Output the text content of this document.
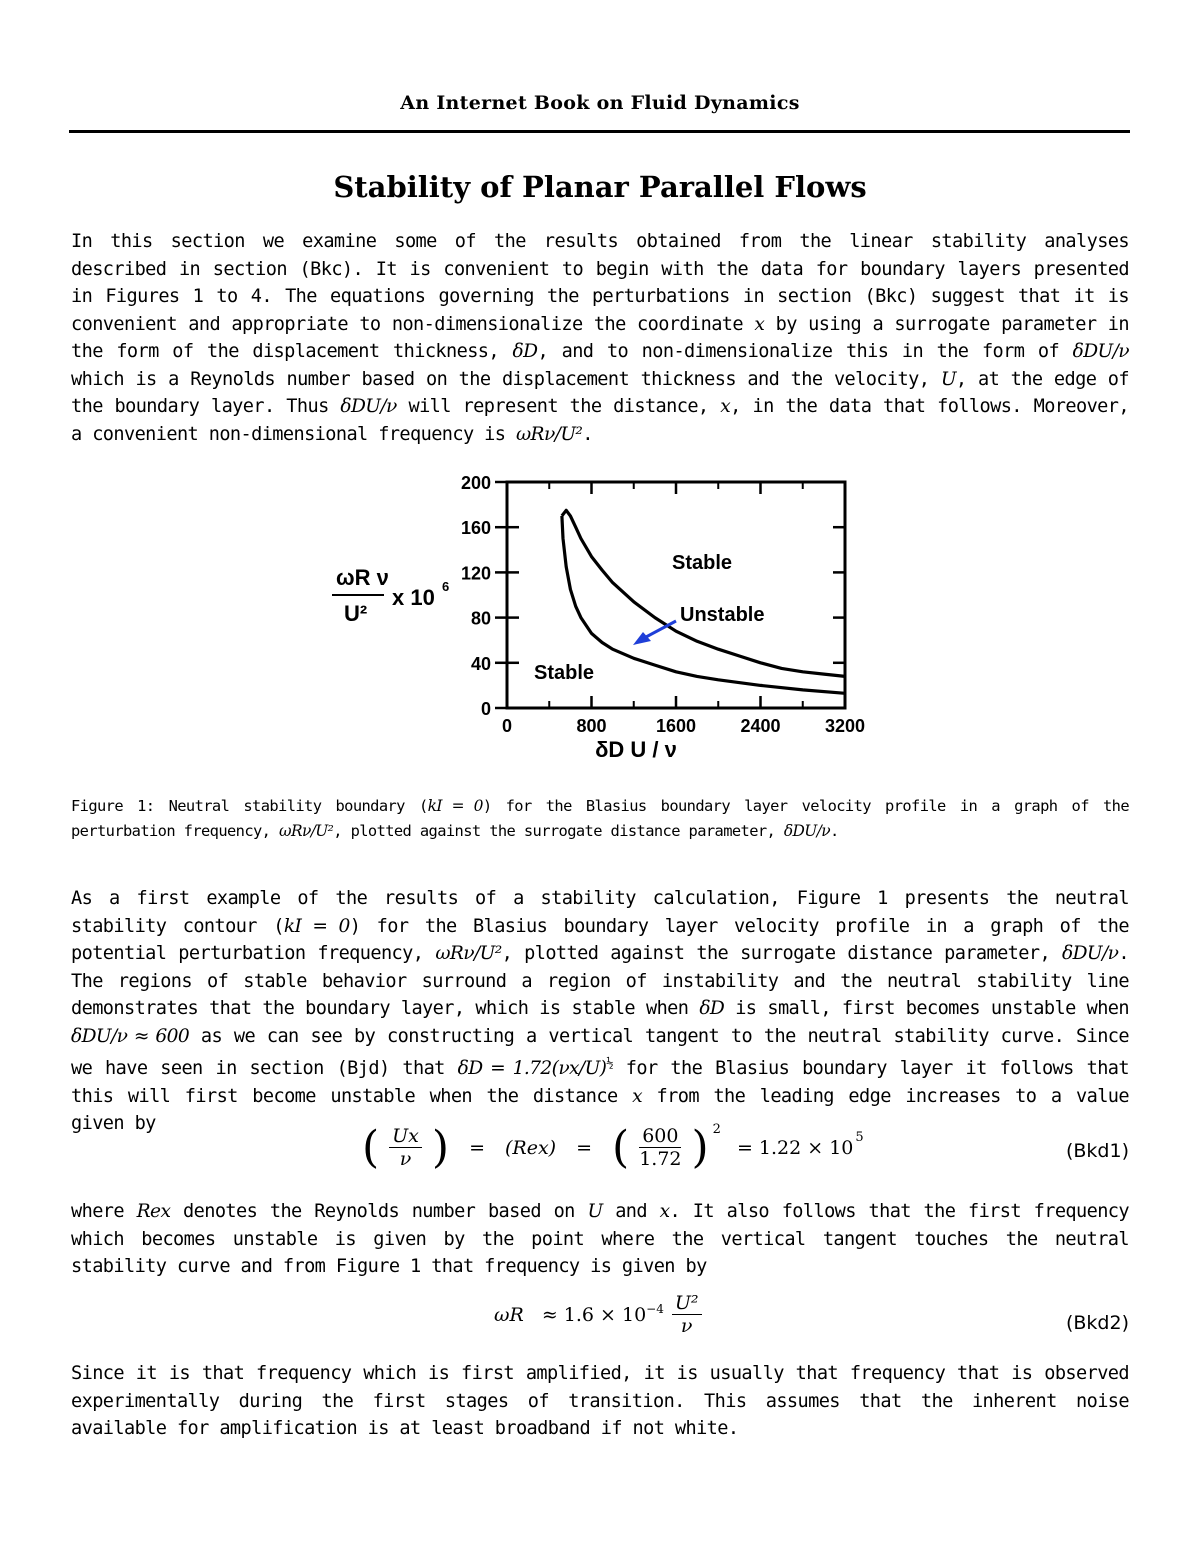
An Internet Book on Fluid Dynamics
Stability of Planar Parallel Flows
In this section we examine some of the results obtained from the linear stability analyses described in section (Bkc). It is convenient to begin with the data for boundary layers presented in Figures 1 to 4. The equations governing the perturbations in section (Bkc) suggest that it is convenient and appropriate to non-dimensionalize the coordinate x by using a surrogate parameter in the form of the displacement thickness, δD, and to non-dimensionalize this in the form of δDU/ν which is a Reynolds number based on the displacement thickness and the velocity, U, at the edge of the boundary layer. Thus δDU/ν will represent the distance, x, in the data that follows. Moreover, a convenient non-dimensional frequency is ωRν/U².
0	800	1600 2400 3200
0
40
80
120
160
200
Stable
Unstable
Stable
ωR ν
U²
x 10 6
δD U / ν
Figure 1: Neutral stability boundary (kI = 0) for the Blasius boundary layer velocity profile in a graph of the perturbation frequency, ωRν/U², plotted against the surrogate distance parameter, δDU/ν.
As a first example of the results of a stability calculation, Figure 1 presents the neutral stability contour (kI = 0) for the Blasius boundary layer velocity profile in a graph of the potential perturbation frequency, ωRν/U², plotted against the surrogate distance parameter, δDU/ν. The regions of stable behavior surround a region of instability and the neutral stability line demonstrates that the boundary layer, which is stable when δD is small, first becomes unstable when δDU/ν ≈ 600 as we can see by constructing a vertical tangent to the neutral stability curve. Since we have seen in section (Bjd) that $\delta D = 1.72(\nu x/U)^{\frac{1}{2}}$ for the Blasius boundary layer it follows that this will first become unstable when the distance x from the leading edge increases to a value given by	( $\frac{Ux}{\nu}$ ) = (Rex) = ( $\frac{600}{1.72}$ ) $^2$
= $1.22 \times 10^5$
(Bkd1)
where Rex denotes the Reynolds number based on U and x. It also follows that the first frequency which becomes unstable is given by the point where the vertical tangent touches the neutral stability curve and from Figure 1 that frequency is given by
$\omega R \approx 1.6 \times 10^{-4} \frac{\text{U²}}{\nu}$	(Bkd2)
Since it is that frequency which is first amplified, it is usually that frequency that is observed experimentally during the first stages of transition. This assumes that the inherent noise available for amplification is at least broadband if not white.
